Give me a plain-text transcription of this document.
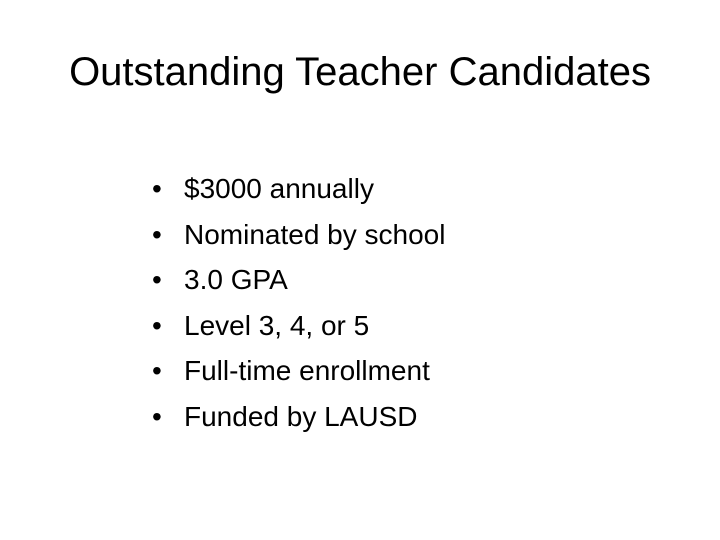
Outstanding Teacher Candidates
• $3000 annually
• Nominated by school
• 3.0 GPA
• Level 3, 4, or 5
• Full-time enrollment
• Funded by LAUSD
